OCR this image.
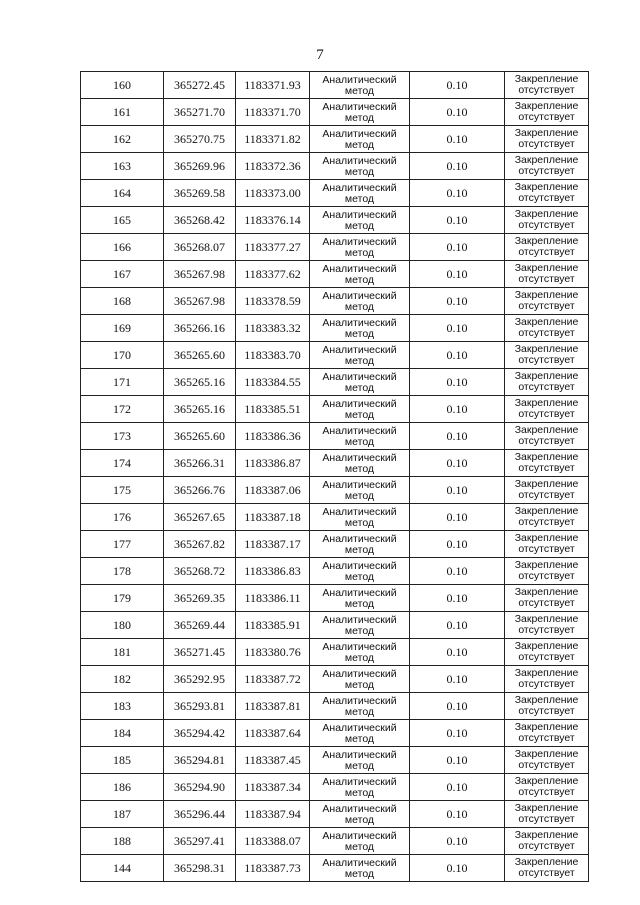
7
160	365272.45	1183371.93	Аналитический метод	0.10	Закрепление отсутствует
161	365271.70	1183371.70	Аналитический метод	0.10	Закрепление отсутствует
162	365270.75	1183371.82	Аналитический метод	0.10	Закрепление отсутствует
163	365269.96	1183372.36	Аналитический метод	0.10	Закрепление отсутствует
164	365269.58	1183373.00	Аналитический метод	0.10	Закрепление отсутствует
165	365268.42	1183376.14	Аналитический метод	0.10	Закрепление отсутствует
166	365268.07	1183377.27	Аналитический метод	0.10	Закрепление отсутствует
167	365267.98	1183377.62	Аналитический метод	0.10	Закрепление отсутствует
168	365267.98	1183378.59	Аналитический метод	0.10	Закрепление отсутствует
169	365266.16	1183383.32	Аналитический метод	0.10	Закрепление отсутствует
170	365265.60	1183383.70	Аналитический метод	0.10	Закрепление отсутствует
171	365265.16	1183384.55	Аналитический метод	0.10	Закрепление отсутствует
172	365265.16	1183385.51	Аналитический метод	0.10	Закрепление отсутствует
173	365265.60	1183386.36	Аналитический метод	0.10	Закрепление отсутствует
174	365266.31	1183386.87	Аналитический метод	0.10	Закрепление отсутствует
175	365266.76	1183387.06	Аналитический метод	0.10	Закрепление отсутствует
176	365267.65	1183387.18	Аналитический метод	0.10	Закрепление отсутствует
177	365267.82	1183387.17	Аналитический метод	0.10	Закрепление отсутствует
178	365268.72	1183386.83	Аналитический метод	0.10	Закрепление отсутствует
179	365269.35	1183386.11	Аналитический метод	0.10	Закрепление отсутствует
180	365269.44	1183385.91	Аналитический метод	0.10	Закрепление отсутствует
181	365271.45	1183380.76	Аналитический метод	0.10	Закрепление отсутствует
182	365292.95	1183387.72	Аналитический метод	0.10	Закрепление отсутствует
183	365293.81	1183387.81	Аналитический метод	0.10	Закрепление отсутствует
184	365294.42	1183387.64	Аналитический метод	0.10	Закрепление отсутствует
185	365294.81	1183387.45	Аналитический метод	0.10	Закрепление отсутствует
186	365294.90	1183387.34	Аналитический метод	0.10	Закрепление отсутствует
187	365296.44	1183387.94	Аналитический метод	0.10	Закрепление отсутствует
188	365297.41	1183388.07	Аналитический метод	0.10	Закрепление отсутствует
144	365298.31	1183387.73	Аналитический метод	0.10	Закрепление отсутствует
